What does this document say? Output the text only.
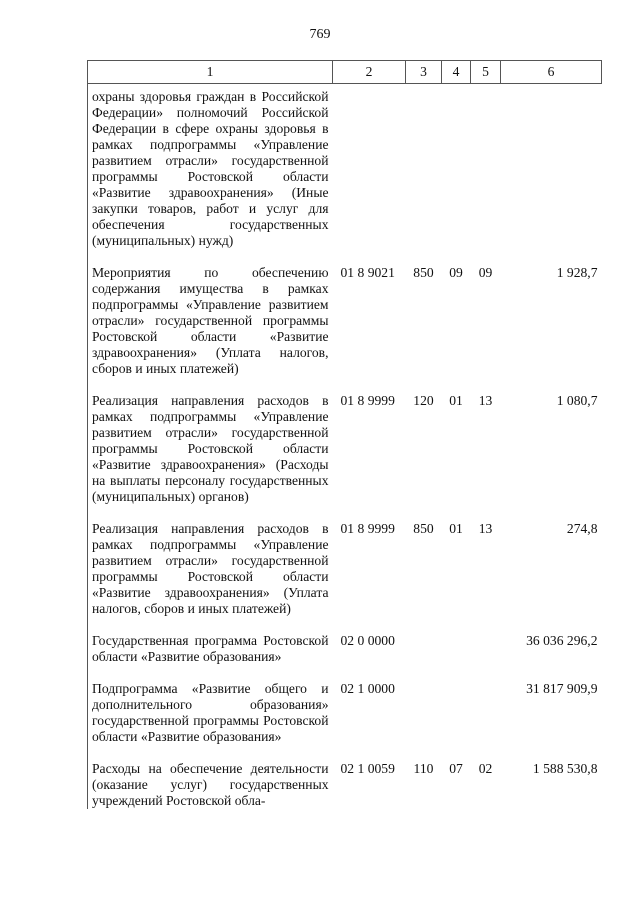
769
1	2	3	4	5	6
охраны здоровья граждан в Российской Федерации» полномочий Российской Федерации в сфере охраны здоровья в рамках подпрограммы «Управление развитием отрасли» государственной программы Ростовской области «Развитие здравоохранения» (Иные закупки товаров, работ и услуг для обеспечения государственных (муниципальных) нужд)					

Мероприятия по обеспечению содержания имущества в рамках подпрограммы «Управление развитием отрасли» государственной программы Ростовской области «Развитие здравоохранения» (Уплата налогов, сборов и иных платежей)	01 8 9021	850	09	09	1 928,7

Реализация направления расходов в рамках подпрограммы «Управление развитием отрасли» государственной программы Ростовской области «Развитие здравоохранения» (Расходы на выплаты персоналу государственных (муниципальных) органов)	01 8 9999	120	01	13	1 080,7

Реализация направления расходов в рамках подпрограммы «Управление развитием отрасли» государственной программы Ростовской области «Развитие здравоохранения» (Уплата налогов, сборов и иных платежей)	01 8 9999	850	01	13	274,8

Государственная программа Ростовской области «Развитие образования»	02 0 0000				36 036 296,2

Подпрограмма «Развитие общего и дополнительного образования» государственной программы Ростовской области «Развитие образования»	02 1 0000				31 817 909,9

Расходы на обеспечение деятельности (оказание услуг) государственных учреждений Ростовской обла-	02 1 0059	110	07	02	1 588 530,8
